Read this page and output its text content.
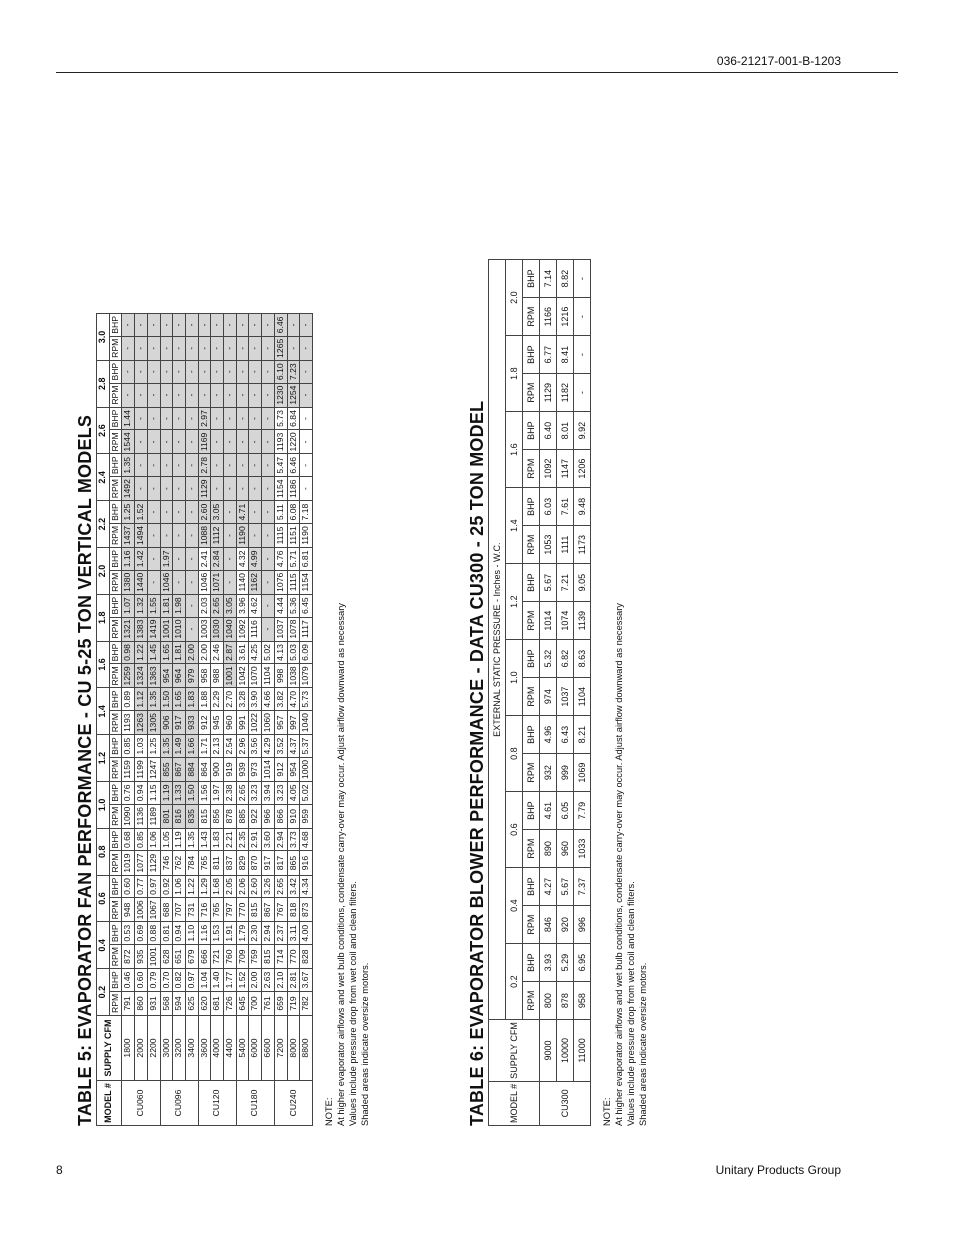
036-21217-001-B-1203
TABLE 5: EVAPORATOR FAN PERFORMANCE - CU 5-25 TON VERTICAL MODELS MODEL #	SUPPLY CFM	0.2		0.4		0.6		0.8		1.0		1.2		1.4		1.6		1.8		2.0		2.2		2.4		2.6		2.8		3.0	
		RPM	BHP	RPM	BHP	RPM	BHP	RPM	BHP	RPM	BHP	RPM	BHP	RPM	BHP	RPM	BHP	RPM	BHP	RPM	BHP	RPM	BHP	RPM	BHP	RPM	BHP	RPM	BHP	RPM	BHP
CU060	1800	791	0.46	872	0.53	948	0.60	1019	0.68	1090	0.76	1159	0.85	1193	0.89	1259	0.98	1321	1.07	1380	1.16	1437	1.25	1492	1.35	1544	1.44	-	-	-	-
	2000	860	0.60	935	0.69	1006	0.77	1077	0.85	1136	0.94	1199	1.03	1263	1.12	1324	1.22	1383	1.32	1440	1.42	1494	1.52	-	-	-	-	-	-	-	-
	2200	931	0.79	1001	0.88	1067	0.97	1129	1.06	1189	1.15	1247	1.25	1305	1.35	1363	1.45	1419	1.55	-	-	-	-	-	-	-	-	-	-	-	-
CU096	3000	568	0.70	628	0.81	688	0.92	746	1.05	801	1.19	855	1.35	906	1.50	954	1.65	1001	1.81	1046	1.97	-	-	-	-	-	-	-	-	-	-
	3200	594	0.82	651	0.94	707	1.06	762	1.19	816	1.33	867	1.49	917	1.65	964	1.81	1010	1.98	-	-	-	-	-	-	-	-	-	-	-	-
	3400	625	0.97	679	1.10	731	1.22	784	1.35	835	1.50	884	1.66	933	1.83	979	2.00	-	-	-	-	-	-	-	-	-	-	-	-	-	-
CU120	3600	620	1.04	666	1.16	716	1.29	765	1.43	815	1.56	864	1.71	912	1.88	958	2.00	1003	2.03	1046	2.41	1088	2.60	1129	2.78	1169	2.97	-	-	-	-
	4000	681	1.40	721	1.53	765	1.68	811	1.83	856	1.97	900	2.13	945	2.29	988	2.46	1030	2.65	1071	2.84	1112	3.05	-	-	-	-	-	-	-	-
	4400	726	1.77	760	1.91	797	2.05	837	2.21	878	2.38	919	2.54	960	2.70	1001	2.87	1040	3.05	-	-	-	-	-	-	-	-	-	-	-	-
CU180	5400	645	1.52	709	1.79	770	2.06	829	2.35	885	2.65	939	2.96	991	3.28	1042	3.61	1092	3.96	1140	4.32	1190	4.71	-	-	-	-	-	-	-	-
	6000	700	2.00	759	2.30	815	2.60	870	2.91	922	3.23	973	3.56	1022	3.90	1070	4.25	1116	4.62	1162	4.99	-	-	-	-	-	-	-	-	-	-
	6600	761	2.63	815	2.94	867	3.26	917	3.60	966	3.94	1014	4.29	1060	4.66	1104	5.02	-	-	-	-	-	-	-	-	-	-	-	-	-	-
CU240	7200	659	2.10	714	2.37	767	2.65	817	2.94	866	3.23	912	3.52	957	3.82	998	4.13	1037	4.44	1076	4.76	1115	5.11	1154	5.47	1193	5.73	1230	6.10	1265	6.46
	8000	719	2.81	770	3.11	818	3.42	865	3.73	910	4.05	954	4.37	997	4.70	1038	5.03	1078	5.36	1115	5.71	1151	6.08	1186	6.46	1220	6.84	1254	7.23	-	-
	8800	782	3.67	828	4.00	873	4.34	916	4.68	959	5.02	1000	5.37	1040	5.73	1079	6.09	1117	6.45	1154	6.81	1190	7.18	-	-	-	-	-	-	-	-
NOTE: At higher evaporator airflows and wet bulb conditions, condensate carry-over may occur. Adjust airflow downward as necessary Values include pressure drop from wet coil and clean filters. Shaded areas indicate oversize motors.	TABLE 6: EVAPORATOR BLOWER PERFORMANCE - DATA CU300 - 25 TON MODEL MODEL #	SUPPLY CFM	EXTERNAL STATIC PRESSURE - Inches - W.C.																			
		0.2		0.4		0.6		0.8		1.0		1.2		1.4		1.6		1.8		2.0	
		RPM	BHP	RPM	BHP	RPM	BHP	RPM	BHP	RPM	BHP	RPM	BHP	RPM	BHP	RPM	BHP	RPM	BHP	RPM	BHP
CU300	9000	800	3.93	846	4.27	890	4.61	932	4.96	974	5.32	1014	5.67	1053	6.03	1092	6.40	1129	6.77	1166	7.14
	10000	878	5.29	920	5.67	960	6.05	999	6.43	1037	6.82	1074	7.21	1111	7.61	1147	8.01	1182	8.41	1216	8.82
	11000	958	6.95	996	7.37	1033	7.79	1069	8.21	1104	8.63	1139	9.05	1173	9.48	1206	9.92	-	-	-	-
NOTE: At higher evaporator airflows and wet bulb conditions, condensate carry-over may occur. Adjust airflow downward as necessary Values include pressure drop from wet coil and clean filters. Shaded areas indicate oversize motors.
8	Unitary Products Group
